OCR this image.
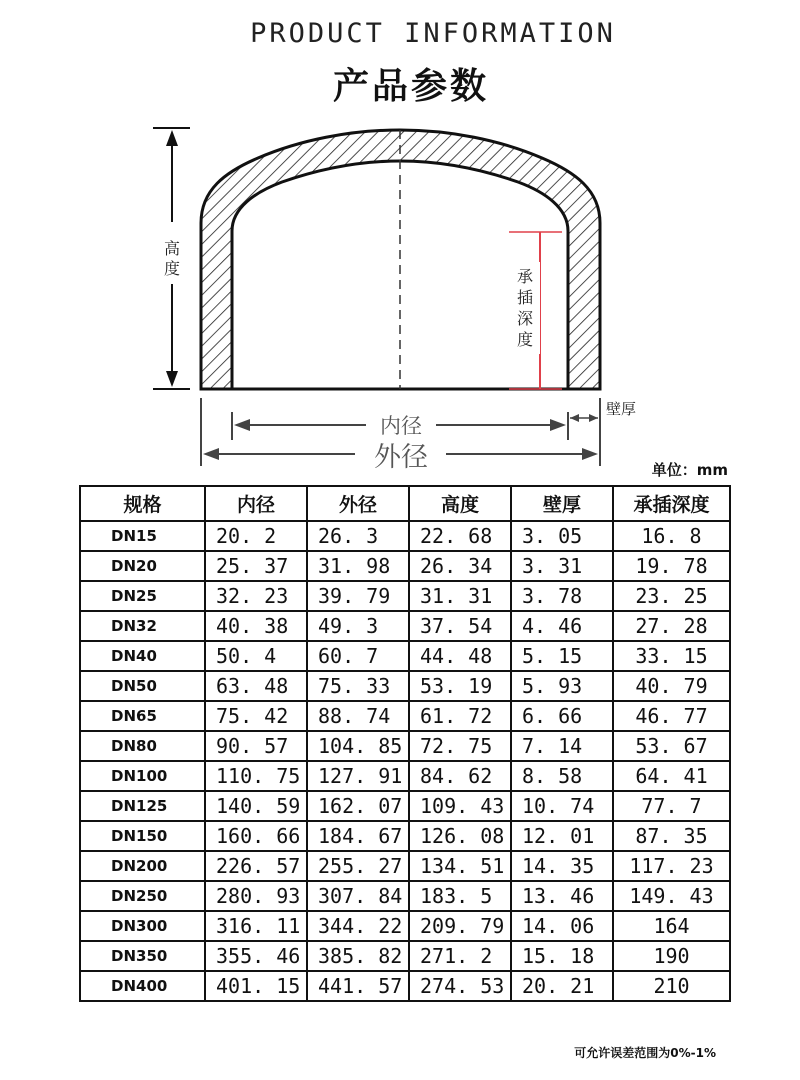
PRODUCT INFORMATION
产品参数
高
度	承
插
深
度
内径
外径
壁厚
单位：mm
规格	内径	外径	高度	壁厚	承插深度
DN15	20. 2	26. 3	22. 68	3. 05	16. 8
DN20	25. 37	31. 98	26. 34	3. 31	19. 78
DN25	32. 23	39. 79	31. 31	3. 78	23. 25
DN32	40. 38	49. 3	37. 54	4. 46	27. 28
DN40	50. 4	60. 7	44. 48	5. 15	33. 15
DN50	63. 48	75. 33	53. 19	5. 93	40. 79
DN65	75. 42	88. 74	61. 72	6. 66	46. 77
DN80	90. 57	104. 85	72. 75	7. 14	53. 67
DN100	110. 75	127. 91	84. 62	8. 58	64. 41
DN125	140. 59	162. 07	109. 43	10. 74	77. 7
DN150	160. 66	184. 67	126. 08	12. 01	87. 35
DN200	226. 57	255. 27	134. 51	14. 35	117. 23
DN250	280. 93	307. 84	183. 5	13. 46	149. 43
DN300	316. 11	344. 22	209. 79	14. 06	164
DN350	355. 46	385. 82	271. 2	15. 18	190
DN400	401. 15	441. 57	274. 53	20. 21	210
可允许误差范围为0%-1%
